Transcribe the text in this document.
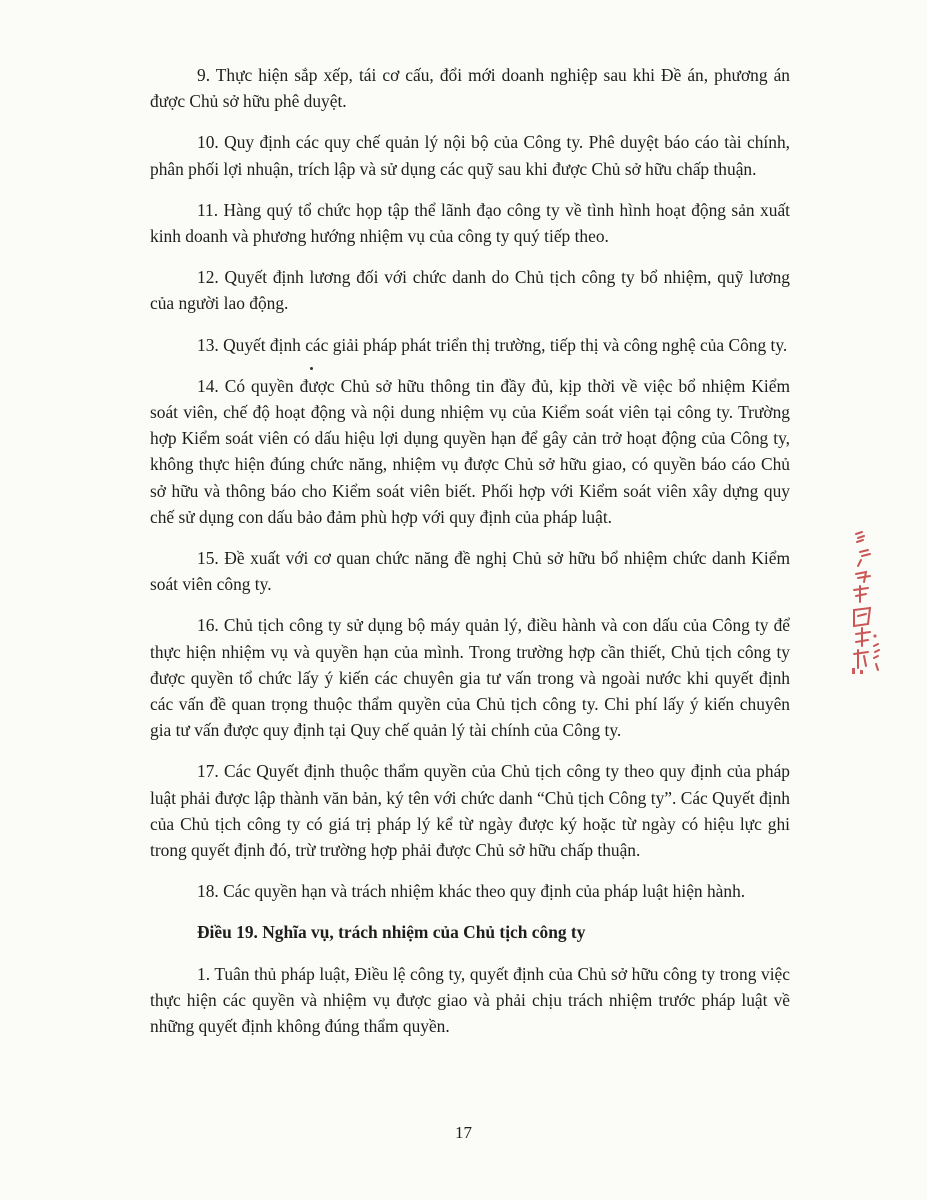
9. Thực hiện sắp xếp, tái cơ cấu, đổi mới doanh nghiệp sau khi Đề án, phương án được Chủ sở hữu phê duyệt.

10. Quy định các quy chế quản lý nội bộ của Công ty. Phê duyệt báo cáo tài chính, phân phối lợi nhuận, trích lập và sử dụng các quỹ sau khi được Chủ sở hữu chấp thuận.

11. Hàng quý tổ chức họp tập thể lãnh đạo công ty về tình hình hoạt động sản xuất kinh doanh và phương hướng nhiệm vụ của công ty quý tiếp theo.

12. Quyết định lương đối với chức danh do Chủ tịch công ty bổ nhiệm, quỹ lương của người lao động.

13. Quyết định các giải pháp phát triển thị trường, tiếp thị và công nghệ của Công ty.

14. Có quyền được Chủ sở hữu thông tin đầy đủ, kịp thời về việc bổ nhiệm Kiểm soát viên, chế độ hoạt động và nội dung nhiệm vụ của Kiểm soát viên tại công ty. Trường hợp Kiểm soát viên có dấu hiệu lợi dụng quyền hạn để gây cản trở hoạt động của Công ty, không thực hiện đúng chức năng, nhiệm vụ được Chủ sở hữu giao, có quyền báo cáo Chủ sở hữu và thông báo cho Kiểm soát viên biết. Phối hợp với Kiểm soát viên xây dựng quy chế sử dụng con dấu bảo đảm phù hợp với quy định của pháp luật.

15. Đề xuất với cơ quan chức năng đề nghị Chủ sở hữu bổ nhiệm chức danh Kiểm soát viên công ty.

16. Chủ tịch công ty sử dụng bộ máy quản lý, điều hành và con dấu của Công ty để thực hiện nhiệm vụ và quyền hạn của mình. Trong trường hợp cần thiết, Chủ tịch công ty được quyền tổ chức lấy ý kiến các chuyên gia tư vấn trong và ngoài nước khi quyết định các vấn đề quan trọng thuộc thẩm quyền của Chủ tịch công ty. Chi phí lấy ý kiến chuyên gia tư vấn được quy định tại Quy chế quản lý tài chính của Công ty.

17. Các Quyết định thuộc thẩm quyền của Chủ tịch công ty theo quy định của pháp luật phải được lập thành văn bản, ký tên với chức danh “Chủ tịch Công ty”. Các Quyết định của Chủ tịch công ty có giá trị pháp lý kể từ ngày được ký hoặc từ ngày có hiệu lực ghi trong quyết định đó, trừ trường hợp phải được Chủ sở hữu chấp thuận.

18. Các quyền hạn và trách nhiệm khác theo quy định của pháp luật hiện hành.

Điều 19. Nghĩa vụ, trách nhiệm của Chủ tịch công ty

1. Tuân thủ pháp luật, Điều lệ công ty, quyết định của Chủ sở hữu công ty trong việc thực hiện các quyền và nhiệm vụ được giao và phải chịu trách nhiệm trước pháp luật về những quyết định không đúng thẩm quyền.

17
